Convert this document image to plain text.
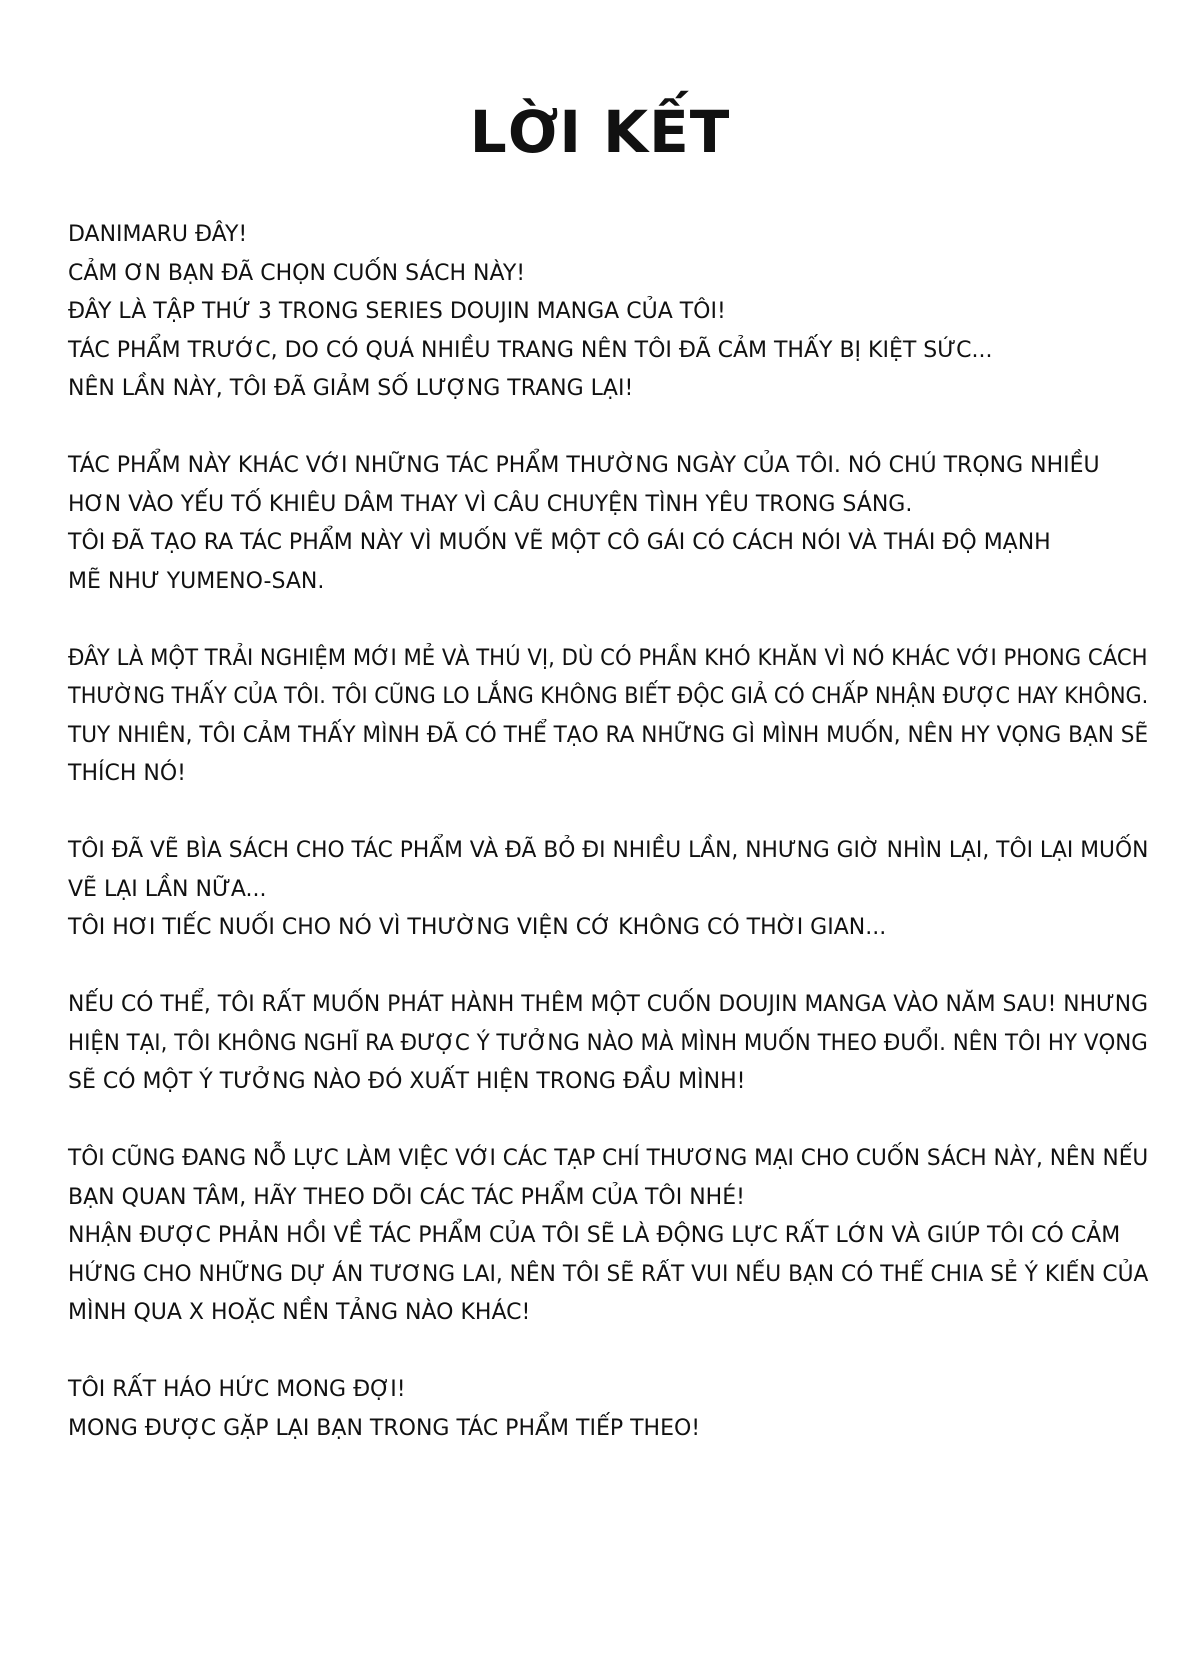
LỜI KẾT
DANIMARU ĐÂY!
CẢM ƠN BẠN ĐÃ CHỌN CUỐN SÁCH NÀY!
ĐÂY LÀ TẬP THỨ 3 TRONG SERIES DOUJIN MANGA CỦA TÔI!
TÁC PHẨM TRƯỚC, DO CÓ QUÁ NHIỀU TRANG NÊN TÔI ĐÃ CẢM THẤY BỊ KIỆT SỨC...
NÊN LẦN NÀY, TÔI ĐÃ GIẢM SỐ LƯỢNG TRANG LẠI!
TÁC PHẨM NÀY KHÁC VỚI NHỮNG TÁC PHẨM THƯỜNG NGÀY CỦA TÔI. NÓ CHÚ TRỌNG NHIỀU
HƠN VÀO YẾU TỐ KHIÊU DÂM THAY VÌ CÂU CHUYỆN TÌNH YÊU TRONG SÁNG.
TÔI ĐÃ TẠO RA TÁC PHẨM NÀY VÌ MUỐN VẼ MỘT CÔ GÁI CÓ CÁCH NÓI VÀ THÁI ĐỘ MẠNH
MẼ NHƯ YUMENO-SAN.
ĐÂY LÀ MỘT TRẢI NGHIỆM MỚI MẺ VÀ THÚ VỊ, DÙ CÓ PHẦN KHÓ KHĂN VÌ NÓ KHÁC VỚI PHONG CÁCHTHƯỜNG THẤY CỦA TÔI. TÔI CŨNG LO LẮNG KHÔNG BIẾT ĐỘC GIẢ CÓ CHẤP NHẬN ĐƯỢC HAY KHÔNG.TUY NHIÊN, TÔI CẢM THẤY MÌNH ĐÃ CÓ THỂ TẠO RA NHỮNG GÌ MÌNH MUỐN, NÊN HY VỌNG BẠN SẼ
THÍCH NÓ!
TÔI ĐÃ VẼ BÌA SÁCH CHO TÁC PHẨM VÀ ĐÃ BỎ ĐI NHIỀU LẦN, NHƯNG GIỜ NHÌN LẠI, TÔI LẠI MUỐN
VẼ LẠI LẦN NỮA...
TÔI HƠI TIẾC NUỐI CHO NÓ VÌ THƯỜNG VIỆN CỚ KHÔNG CÓ THỜI GIAN...
NẾU CÓ THỂ, TÔI RẤT MUỐN PHÁT HÀNH THÊM MỘT CUỐN DOUJIN MANGA VÀO NĂM SAU! NHƯNGHIỆN TẠI, TÔI KHÔNG NGHĨ RA ĐƯỢC Ý TƯỞNG NÀO MÀ MÌNH MUỐN THEO ĐUỔI. NÊN TÔI HY VỌNG
SẼ CÓ MỘT Ý TƯỞNG NÀO ĐÓ XUẤT HIỆN TRONG ĐẦU MÌNH!
TÔI CŨNG ĐANG NỖ LỰC LÀM VIỆC VỚI CÁC TẠP CHÍ THƯƠNG MẠI CHO CUỐN SÁCH NÀY, NÊN NẾU
BẠN QUAN TÂM, HÃY THEO DÕI CÁC TÁC PHẨM CỦA TÔI NHÉ!
NHẬN ĐƯỢC PHẢN HỒI VỀ TÁC PHẨM CỦA TÔI SẼ LÀ ĐỘNG LỰC RẤT LỚN VÀ GIÚP TÔI CÓ CẢM
HỨNG CHO NHỮNG DỰ ÁN TƯƠNG LAI, NÊN TÔI SẼ RẤT VUI NẾU BẠN CÓ THỂ CHIA SẺ Ý KIẾN CỦA
MÌNH QUA X HOẶC NỀN TẢNG NÀO KHÁC!
TÔI RẤT HÁO HỨC MONG ĐỢI!
MONG ĐƯỢC GẶP LẠI BẠN TRONG TÁC PHẨM TIẾP THEO!
